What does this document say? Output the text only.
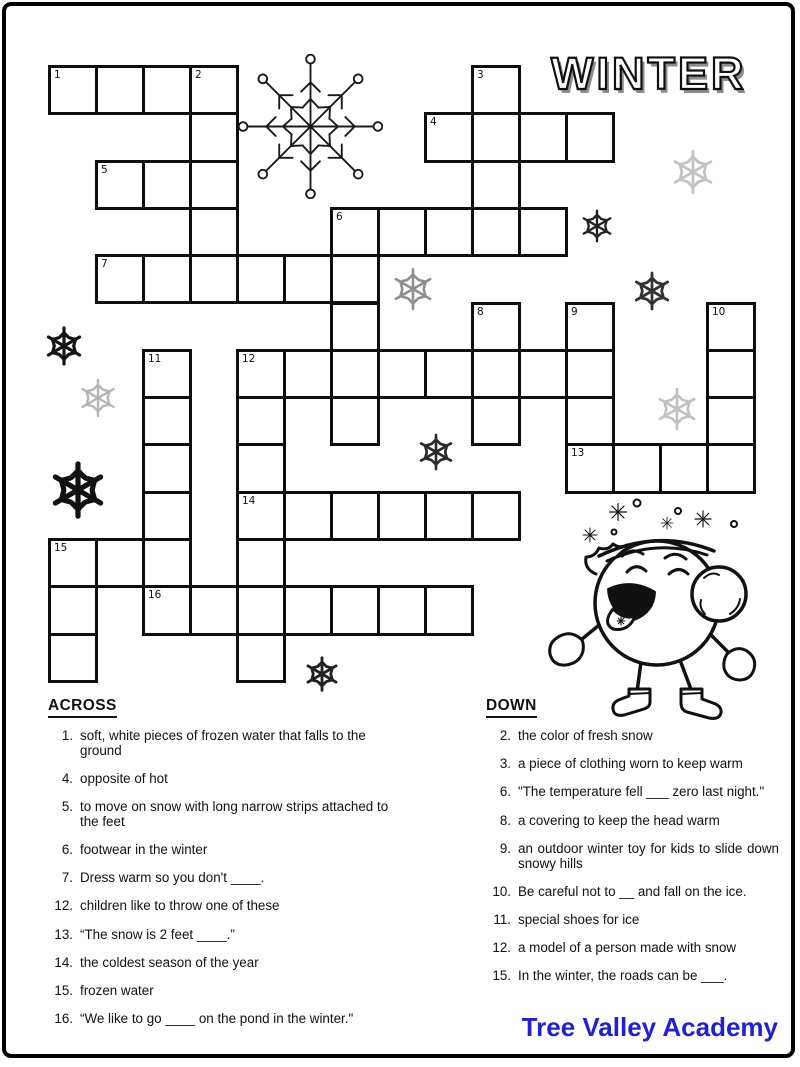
WINTER
1	2	3
4
5
6
7
8	9	10
11	12
13
14
15
16
ACROSS
1. soft, white pieces of frozen water that falls to the ground
4. opposite of hot
5. to move on snow with long narrow strips attached to the feet
6. footwear in the winter
7. Dress warm so you don't ____.
12. children like to throw one of these
13. “The snow is 2 feet ____.”
14. the coldest season of the year
15. frozen water
16. “We like to go ____ on the pond in the winter."
DOWN
2. the color of fresh snow
3. a piece of clothing worn to keep warm
6. "The temperature fell ___ zero last night."
8. a covering to keep the head warm
9. an outdoor winter toy for kids to slide down snowy hills
10. Be careful not to __ and fall on the ice.
11. special shoes for ice
12. a model of a person made with snow
15. In the winter, the roads can be ___.

Tree Valley Academy
